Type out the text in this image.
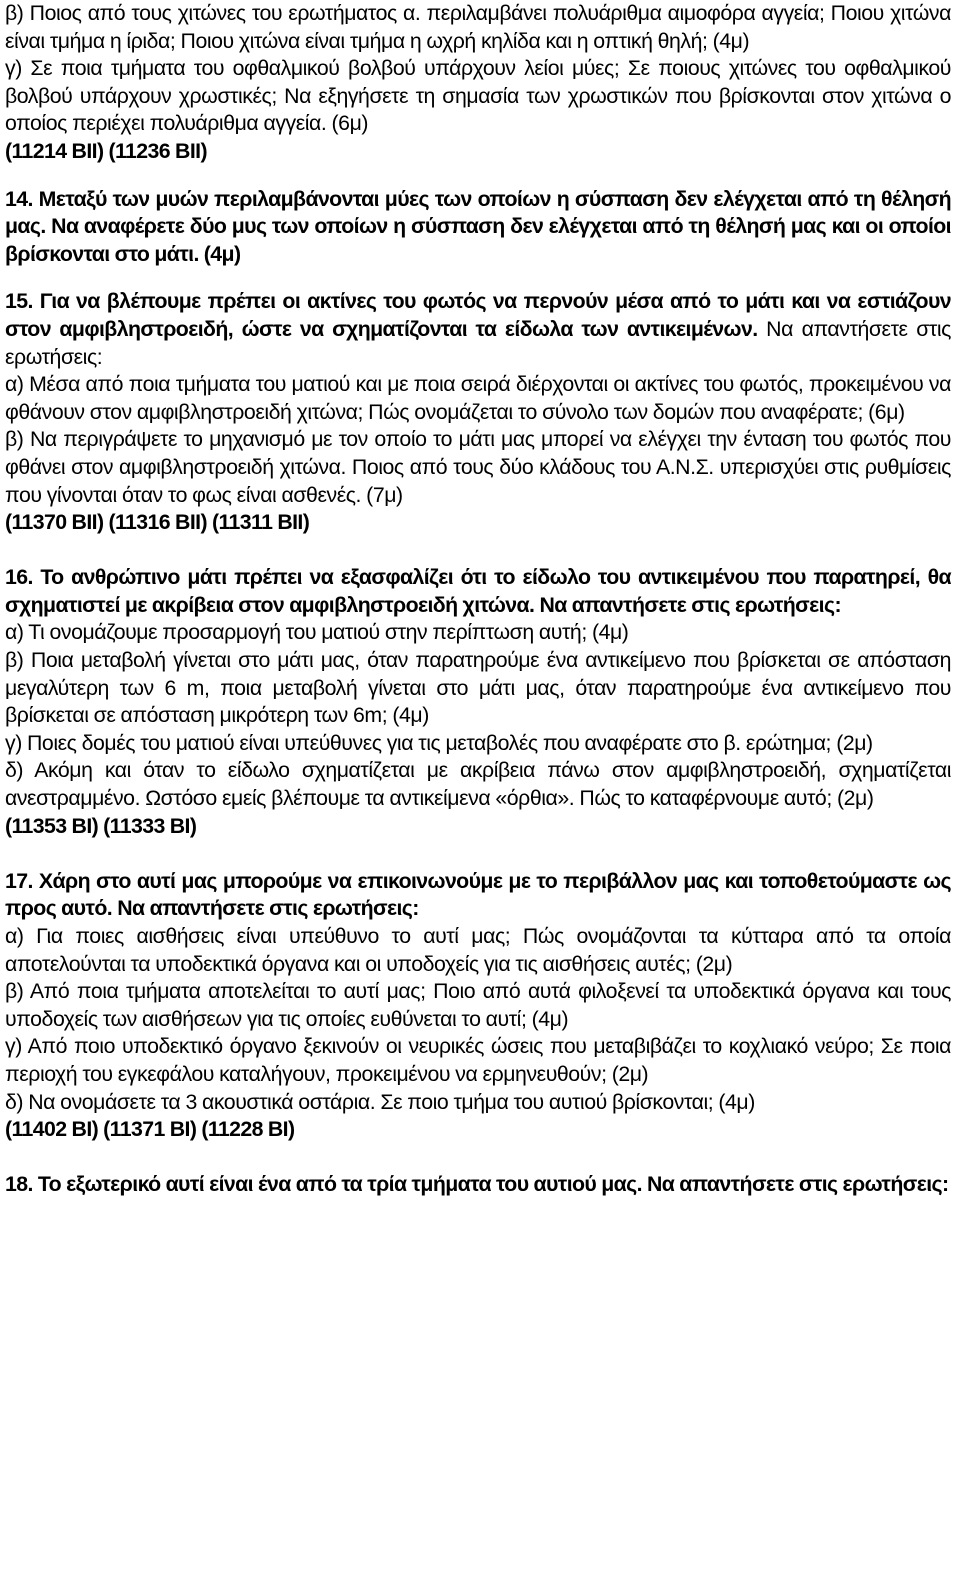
β) Ποιος από τους χιτώνες του ερωτήματος α. περιλαμβάνει πολυάριθμα αιμοφόρα αγγεία; Ποιου χιτώνα είναι τμήμα η ίριδα; Ποιου χιτώνα είναι τμήμα η ωχρή κηλίδα και η οπτική θηλή; (4μ)

γ) Σε ποια τμήματα του οφθαλμικού βολβού υπάρχουν λείοι μύες; Σε ποιους χιτώνες του οφθαλμικού βολβού υπάρχουν χρωστικές; Να εξηγήσετε τη σημασία των χρωστικών που βρίσκονται στον χιτώνα ο οποίος περιέχει πολυάριθμα αγγεία. (6μ)

(11214 BII) (11236 BII)

14. Μεταξύ των μυών περιλαμβάνονται μύες των οποίων η σύσπαση δεν ελέγχεται από τη θέλησή μας. Να αναφέρετε δύο μυς των οποίων η σύσπαση δεν ελέγχεται από τη θέλησή μας και οι οποίοι βρίσκονται στο μάτι. (4μ)

15. Για να βλέπουμε πρέπει οι ακτίνες του φωτός να περνούν μέσα από το μάτι και να εστιάζουν στον αμφιβληστροειδή, ώστε να σχηματίζονται τα είδωλα των αντικειμένων. Να απαντήσετε στις ερωτήσεις:

α) Μέσα από ποια τμήματα του ματιού και με ποια σειρά διέρχονται οι ακτίνες του φωτός, προκειμένου να φθάνουν στον αμφιβληστροειδή χιτώνα; Πώς ονομάζεται το σύνολο των δομών που αναφέρατε; (6μ)

β) Να περιγράψετε το μηχανισμό με τον οποίο το μάτι μας μπορεί να ελέγχει την ένταση του φωτός που φθάνει στον αμφιβληστροειδή χιτώνα. Ποιος από τους δύο κλάδους του Α.Ν.Σ. υπερισχύει στις ρυθμίσεις που γίνονται όταν το φως είναι ασθενές. (7μ)

(11370 BII) (11316 BII) (11311 BII)

16. Το ανθρώπινο μάτι πρέπει να εξασφαλίζει ότι το είδωλο του αντικειμένου που παρατηρεί, θα σχηματιστεί με ακρίβεια στον αμφιβληστροειδή χιτώνα. Να απαντήσετε στις ερωτήσεις:

α) Τι ονομάζουμε προσαρμογή του ματιού στην περίπτωση αυτή; (4μ)

β) Ποια μεταβολή γίνεται στο μάτι μας, όταν παρατηρούμε ένα αντικείμενο που βρίσκεται σε απόσταση μεγαλύτερη των 6 m, ποια μεταβολή γίνεται στο μάτι μας, όταν παρατηρούμε ένα αντικείμενο που βρίσκεται σε απόσταση μικρότερη των 6m; (4μ)

γ) Ποιες δομές του ματιού είναι υπεύθυνες για τις μεταβολές που αναφέρατε στο β. ερώτημα; (2μ)

δ) Ακόμη και όταν το είδωλο σχηματίζεται με ακρίβεια πάνω στον αμφιβληστροειδή, σχηματίζεται ανεστραμμένο. Ωστόσο εμείς βλέπουμε τα αντικείμενα «όρθια». Πώς το καταφέρνουμε αυτό; (2μ)

(11353 BI) (11333 BI)

17. Χάρη στο αυτί μας μπορούμε να επικοινωνούμε με το περιβάλλον μας και τοποθετούμαστε ως προς αυτό. Να απαντήσετε στις ερωτήσεις:

α) Για ποιες αισθήσεις είναι υπεύθυνο το αυτί μας; Πώς ονομάζονται τα κύτταρα από τα οποία αποτελούνται τα υποδεκτικά όργανα και οι υποδοχείς για τις αισθήσεις αυτές; (2μ)

β) Από ποια τμήματα αποτελείται το αυτί μας; Ποιο από αυτά φιλοξενεί τα υποδεκτικά όργανα και τους υποδοχείς των αισθήσεων για τις οποίες ευθύνεται το αυτί; (4μ)

γ) Από ποιο υποδεκτικό όργανο ξεκινούν οι νευρικές ώσεις που μεταβιβάζει το κοχλιακό νεύρο; Σε ποια περιοχή του εγκεφάλου καταλήγουν, προκειμένου να ερμηνευθούν; (2μ)

δ) Να ονομάσετε τα 3 ακουστικά οστάρια. Σε ποιο τμήμα του αυτιού βρίσκονται; (4μ)

(11402 BI) (11371 BI) (11228 BI)

18. Το εξωτερικό αυτί είναι ένα από τα τρία τμήματα του αυτιού μας. Να απαντήσετε στις ερωτήσεις:
